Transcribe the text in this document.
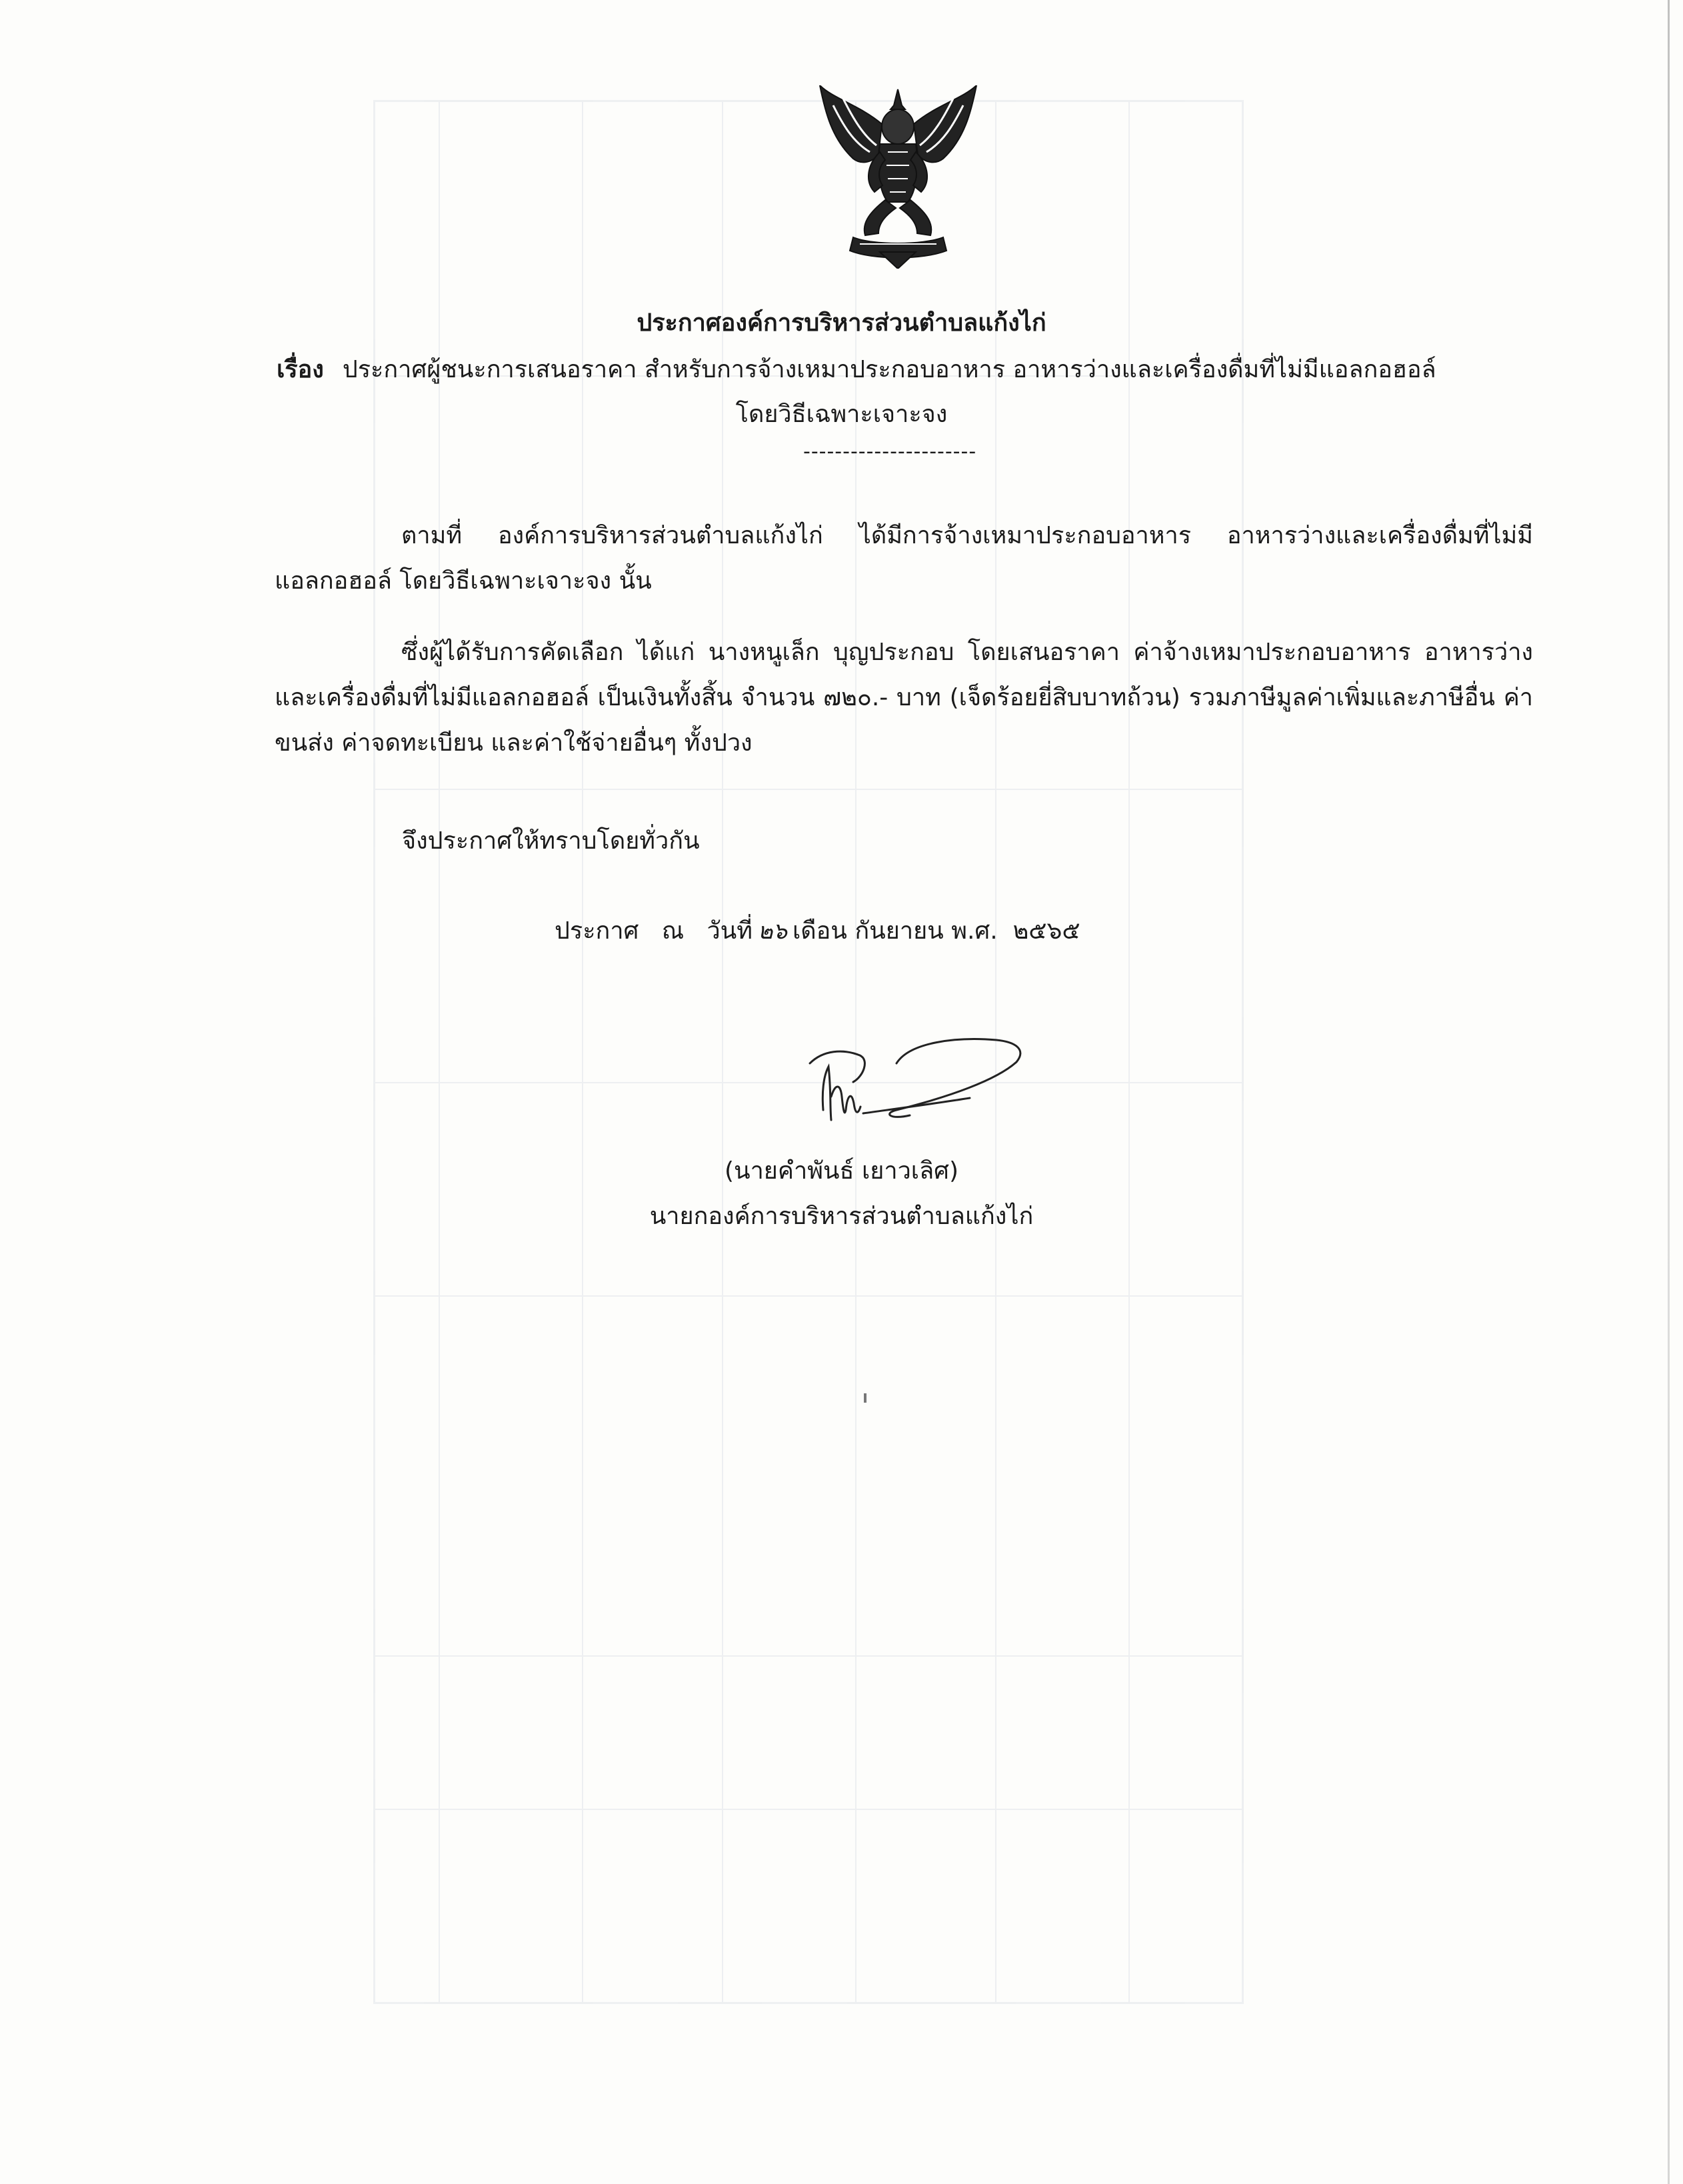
ประกาศองค์การบริหารส่วนตำบลแก้งไก่
เรื่อง ประกาศผู้ชนะการเสนอราคา สำหรับการจ้างเหมาประกอบอาหาร อาหารว่างและเครื่องดื่มที่ไม่มีแอลกอฮอล์
โดยวิธีเฉพาะเจาะจง
----------------------
ตามที่ องค์การบริหารส่วนตำบลแก้งไก่ ได้มีการจ้างเหมาประกอบอาหาร อาหารว่างและเครื่องดื่มที่ไม่มี แอลกอฮอล์ โดยวิธีเฉพาะเจาะจง นั้น
ซึ่งผู้ได้รับการคัดเลือก ได้แก่ นางหนูเล็ก บุญประกอบ โดยเสนอราคา ค่าจ้างเหมาประกอบอาหาร อาหารว่างและเครื่องดื่มที่ไม่มีแอลกอฮอล์ เป็นเงินทั้งสิ้น จำนวน ๗๒๐.- บาท (เจ็ดร้อยยี่สิบบาทถ้วน) รวมภาษีมูลค่าเพิ่มและภาษีอื่น ค่าขนส่ง ค่าจดทะเบียน และค่าใช้จ่ายอื่นๆ ทั้งปวง
จึงประกาศให้ทราบโดยทั่วกัน
ประกาศ   ณ   วันที่ ๒๖ เดือน กันยายน พ.ศ.  ๒๕๖๕
(นายคำพันธ์ เยาวเลิศ)
นายกองค์การบริหารส่วนตำบลแก้งไก่
